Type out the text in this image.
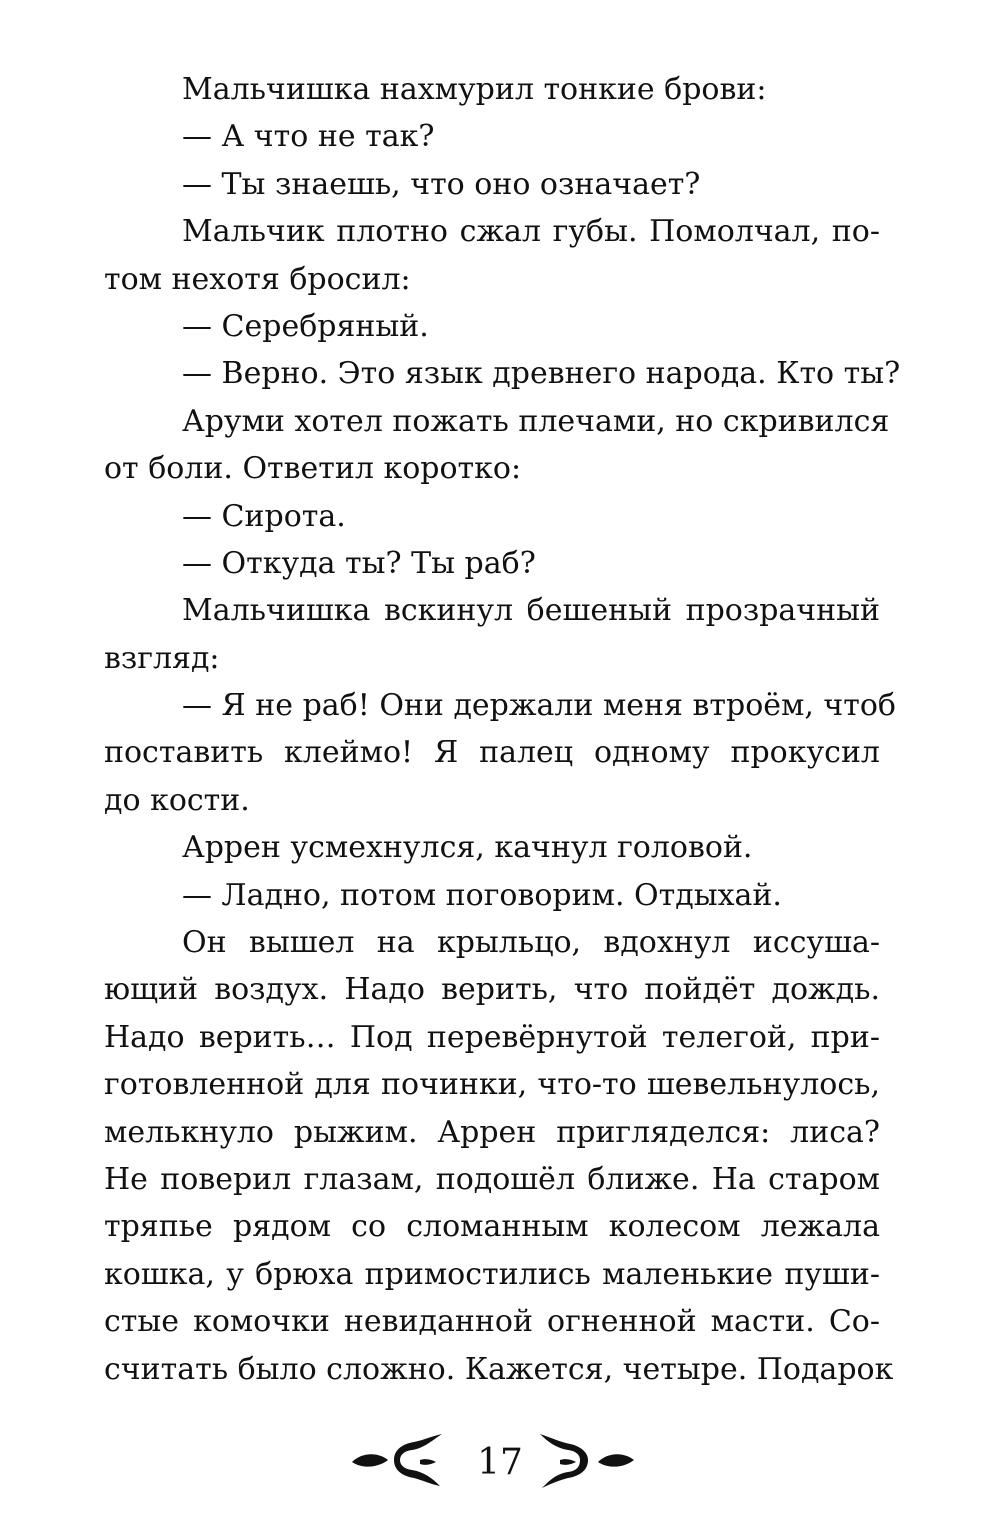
Мальчишка нахмурил тонкие брови:
— А что не так?
— Ты знаешь, что оно означает?
Мальчик плотно сжал губы. Помолчал, по-
том нехотя бросил:
— Серебряный.
— Верно. Это язык древнего народа. Кто ты?
Аруми хотел пожать плечами, но скривился
от боли. Ответил коротко:
— Сирота.
— Откуда ты? Ты раб?
Мальчишка вскинул бешеный прозрачный
взгляд:
— Я не раб! Они держали меня втроём, чтоб
поставить клеймо! Я палец одному прокусил
до кости.
Аррен усмехнулся, качнул головой.
— Ладно, потом поговорим. Отдыхай.
Он вышел на крыльцо, вдохнул иссуша-
ющий воздух. Надо верить, что пойдёт дождь.
Надо верить… Под перевёрнутой телегой, при-
готовленной для починки, что-то шевельнулось,
мелькнуло рыжим. Аррен пригляделся: лиса?
Не поверил глазам, подошёл ближе. На старом
тряпье рядом со сломанным колесом лежала
кошка, у брюха примостились маленькие пуши-
стые комочки невиданной огненной масти. Со-
считать было сложно. Кажется, четыре. Подарок
17
